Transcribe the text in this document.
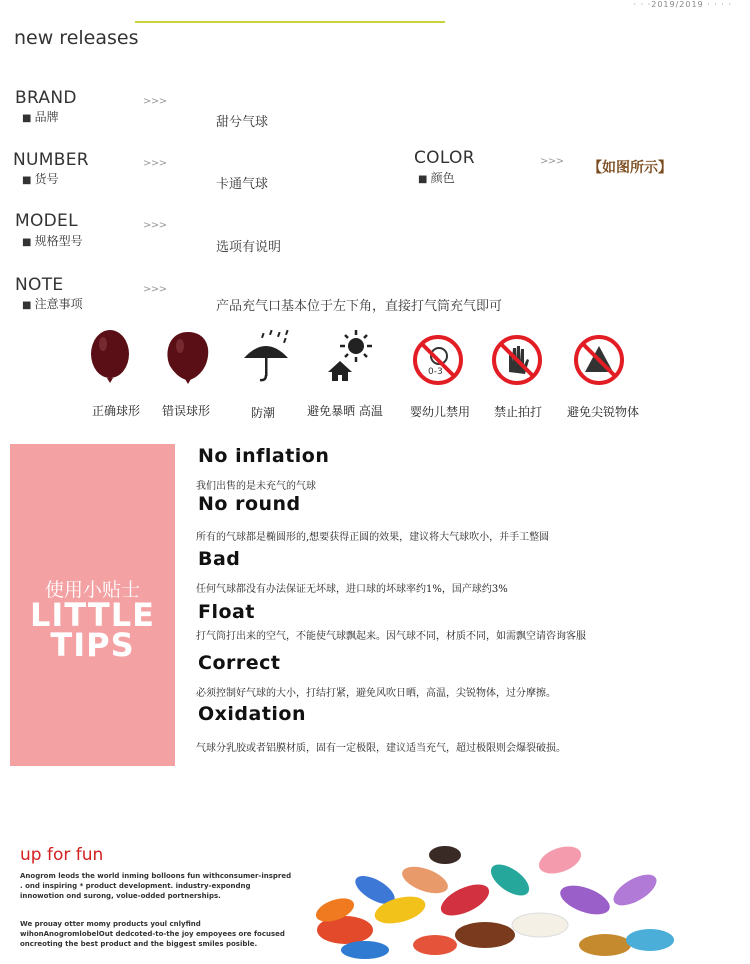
· · ·2019/2019 · · · ·
new releases
BRAND
■ 品牌
>>>
甜兮气球
NUMBER
■ 货号
>>>
卡通气球
COLOR
■ 颜色
>>> 【如图所示】
MODEL
■ 规格型号
>>>
选项有说明
NOTE
■ 注意事项
>>>
产品充气口基本位于左下角，直接打气筒充气即可
0-3
正确球形	错误球形	防潮	避免暴晒 高温	婴幼儿禁用	禁止拍打	避免尖锐物体
使用小贴士
LITTLE
TIPS
No inflation
我们出售的是未充气的气球
No round
所有的气球都是椭圆形的,想要获得正圆的效果，建议将大气球吹小，并手工整圆
Bad
任何气球都没有办法保证无坏球，进口球的坏球率约1%，国产球约3%
Float
打气筒打出来的空气，不能使气球飘起来。因气球不同，材质不同，如需飘空请咨询客服
Correct
必须控制好气球的大小，打结打紧，避免风吹日晒，高温，尖锐物体，过分摩擦。
Oxidation
气球分乳胶或者铝膜材质，固有一定极限，建议适当充气，超过极限则会爆裂破损。
up for fun
Anogrom leods the world inming bolloons fun withconsumer-inspred . ond inspiring * product development. industry-expondng innowotion ond surong, volue-odded portnerships.
We prouay otter momy products youl cnlyfind wihonAnogromlobelOut dedcoted-to-the joy empoyees ore focused oncreoting the best product and the biggest smiles posible.
